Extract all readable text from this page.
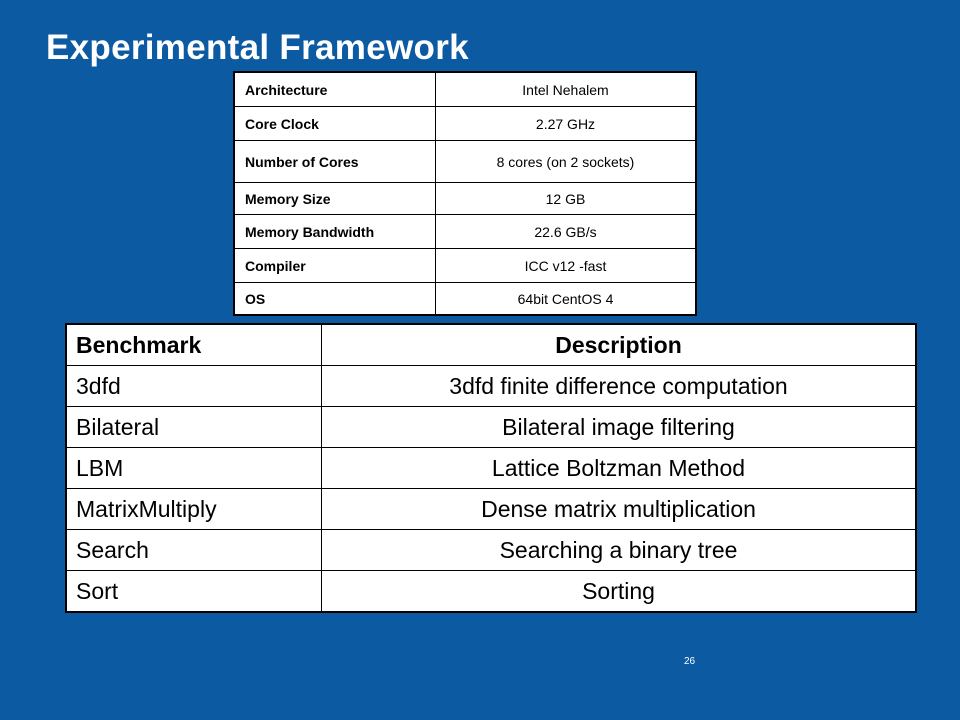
Experimental Framework
Architecture	Intel Nehalem
Core Clock	2.27 GHz
Number of Cores	8 cores (on 2 sockets)
Memory Size	12 GB
Memory Bandwidth	22.6 GB/s
Compiler	ICC v12 -fast
OS	64bit CentOS 4
Benchmark	Description
3dfd	3dfd finite difference computation
Bilateral	Bilateral image filtering
LBM	Lattice Boltzman Method
MatrixMultiply	Dense matrix multiplication
Search	Searching a binary tree
Sort	Sorting
26
